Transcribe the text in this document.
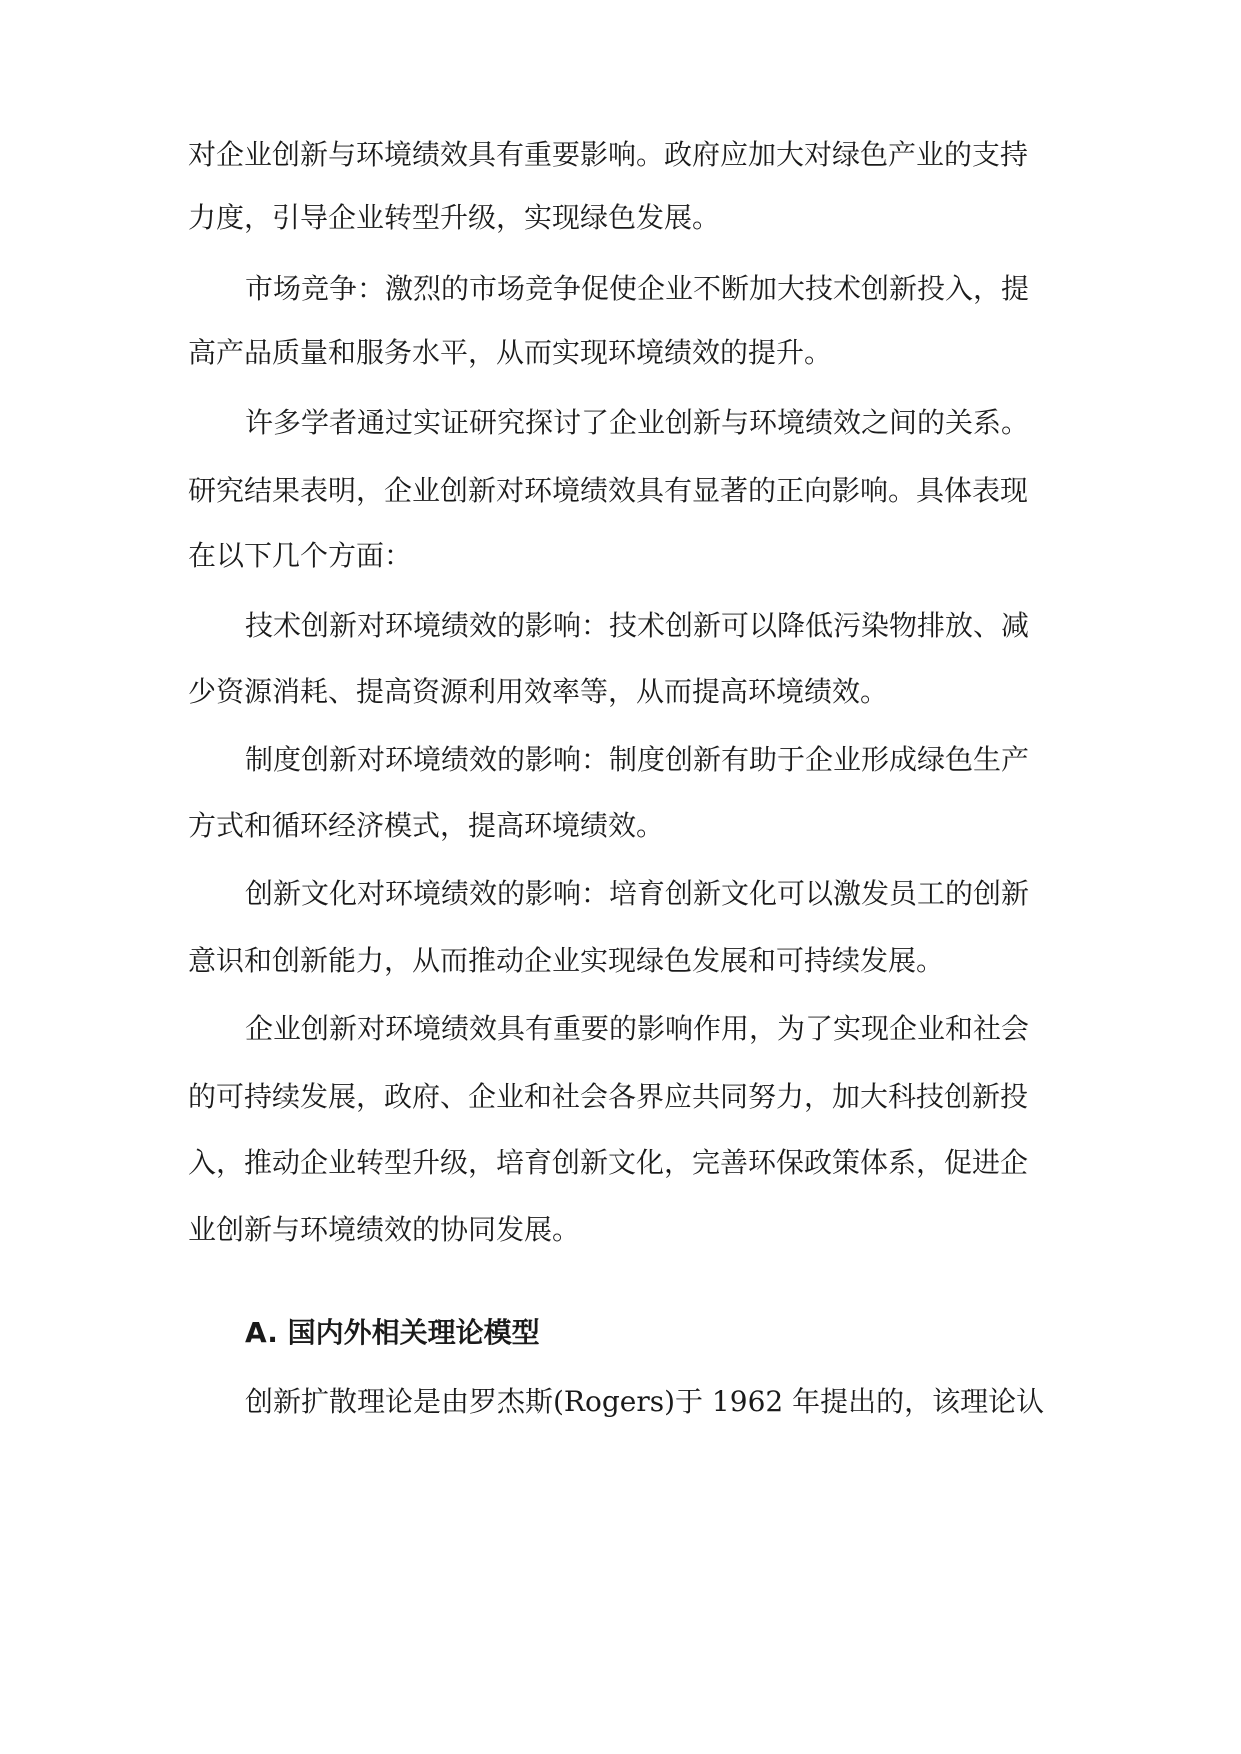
对企业创新与环境绩效具有重要影响。政府应加大对绿色产业的支持
力度，引导企业转型升级，实现绿色发展。
市场竞争：激烈的市场竞争促使企业不断加大技术创新投入，提
高产品质量和服务水平，从而实现环境绩效的提升。
许多学者通过实证研究探讨了企业创新与环境绩效之间的关系。
研究结果表明，企业创新对环境绩效具有显著的正向影响。具体表现
在以下几个方面：
技术创新对环境绩效的影响：技术创新可以降低污染物排放、减
少资源消耗、提高资源利用效率等，从而提高环境绩效。
制度创新对环境绩效的影响：制度创新有助于企业形成绿色生产
方式和循环经济模式，提高环境绩效。
创新文化对环境绩效的影响：培育创新文化可以激发员工的创新
意识和创新能力，从而推动企业实现绿色发展和可持续发展。
企业创新对环境绩效具有重要的影响作用，为了实现企业和社会
的可持续发展，政府、企业和社会各界应共同努力，加大科技创新投
入，推动企业转型升级，培育创新文化，完善环保政策体系，促进企
业创新与环境绩效的协同发展。
A. 国内外相关理论模型
创新扩散理论是由罗杰斯(Rogers)于 1962 年提出的，该理论认
